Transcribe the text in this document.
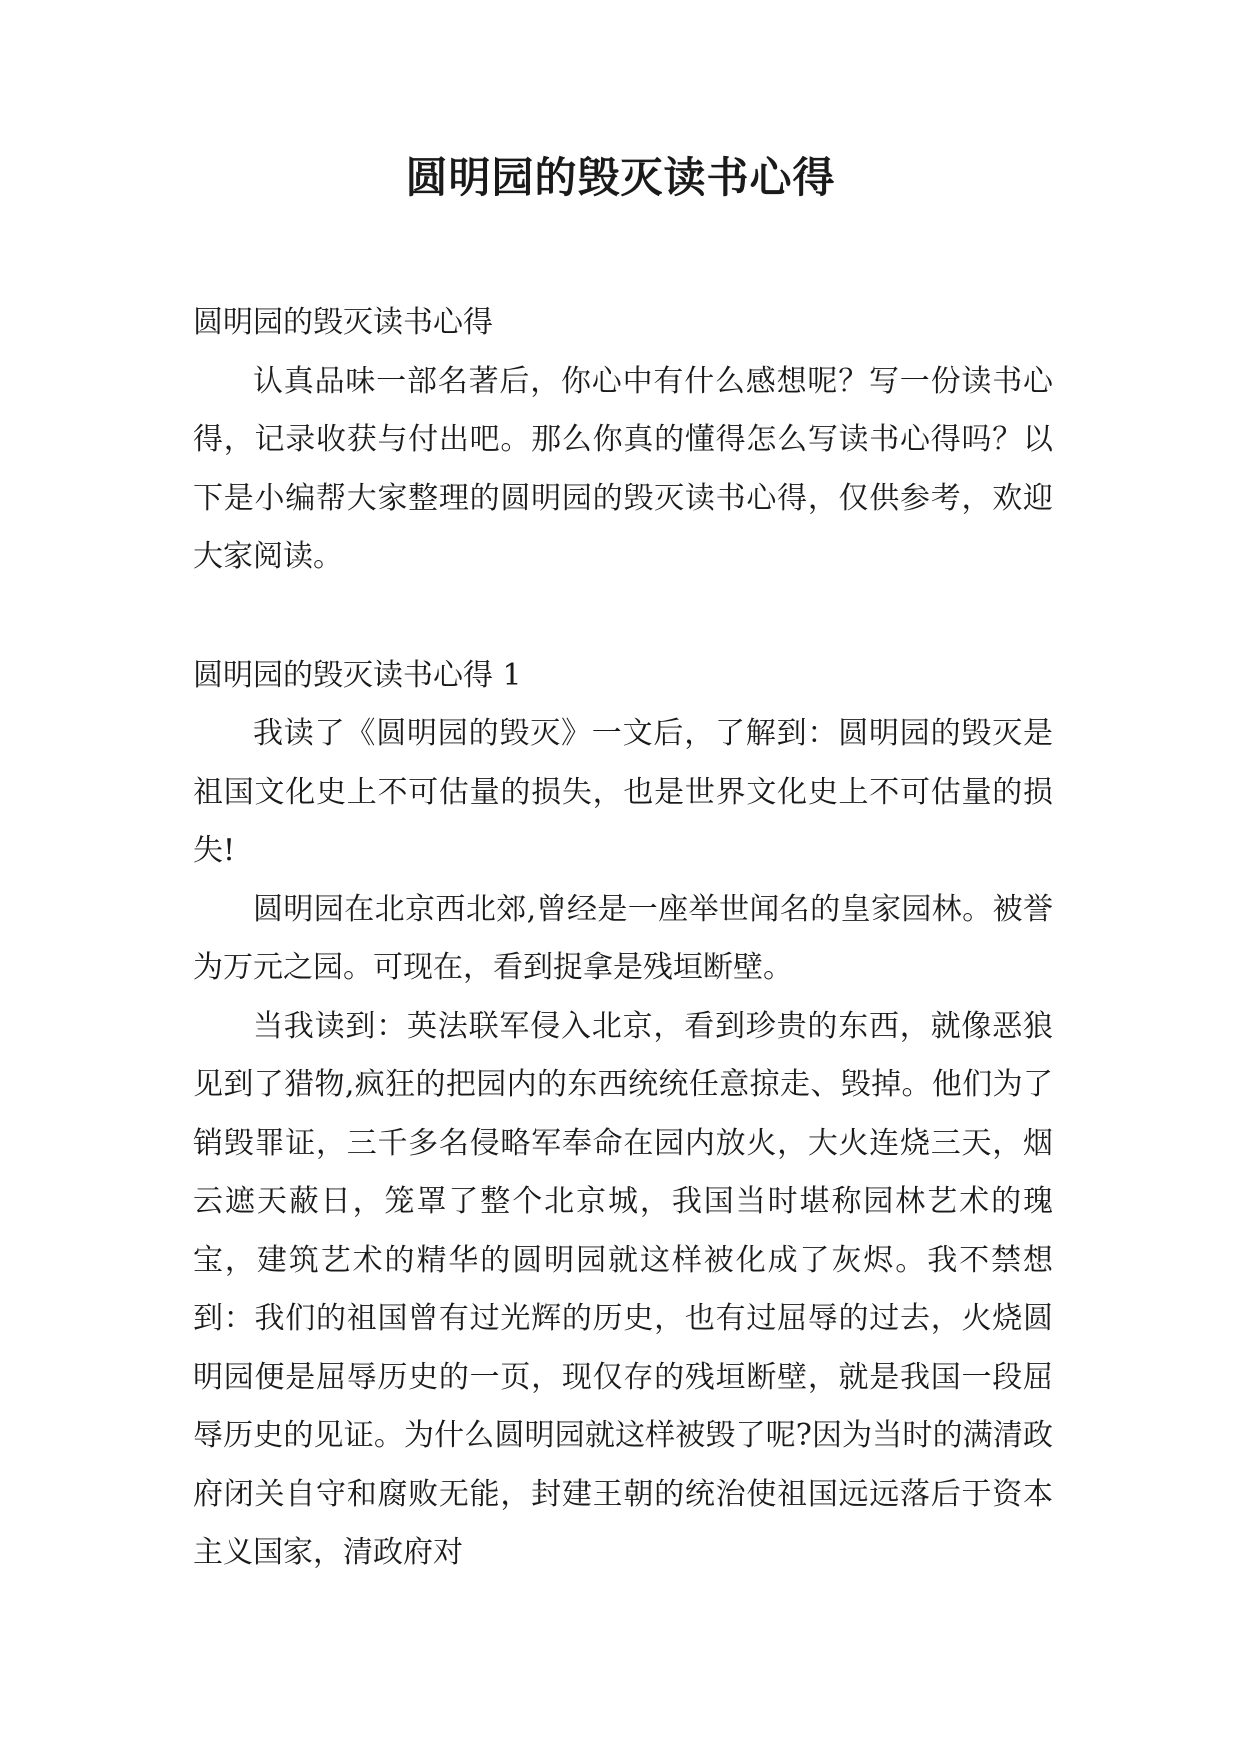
圆明园的毁灭读书心得

圆明园的毁灭读书心得

认真品味一部名著后，你心中有什么感想呢？写一份读书心得，记录收获与付出吧。那么你真的懂得怎么写读书心得吗？以下是小编帮大家整理的圆明园的毁灭读书心得，仅供参考，欢迎大家阅读。

圆明园的毁灭读书心得 1

我读了《圆明园的毁灭》一文后，了解到：圆明园的毁灭是祖国文化史上不可估量的损失，也是世界文化史上不可估量的损失!

圆明园在北京西北郊,曾经是一座举世闻名的皇家园林。被誉为万元之园。可现在，看到捉拿是残垣断壁。

当我读到：英法联军侵入北京，看到珍贵的东西，就像恶狼见到了猎物,疯狂的把园内的东西统统任意掠走、毁掉。他们为了销毁罪证，三千多名侵略军奉命在园内放火，大火连烧三天，烟云遮天蔽日，笼罩了整个北京城，我国当时堪称园林艺术的瑰宝，建筑艺术的精华的圆明园就这样被化成了灰烬。我不禁想到：我们的祖国曾有过光辉的历史，也有过屈辱的过去，火烧圆明园便是屈辱历史的一页，现仅存的残垣断壁，就是我国一段屈辱历史的见证。为什么圆明园就这样被毁了呢?因为当时的满清政府闭关自守和腐败无能，封建王朝的统治使祖国远远落后于资本主义国家，清政府对
